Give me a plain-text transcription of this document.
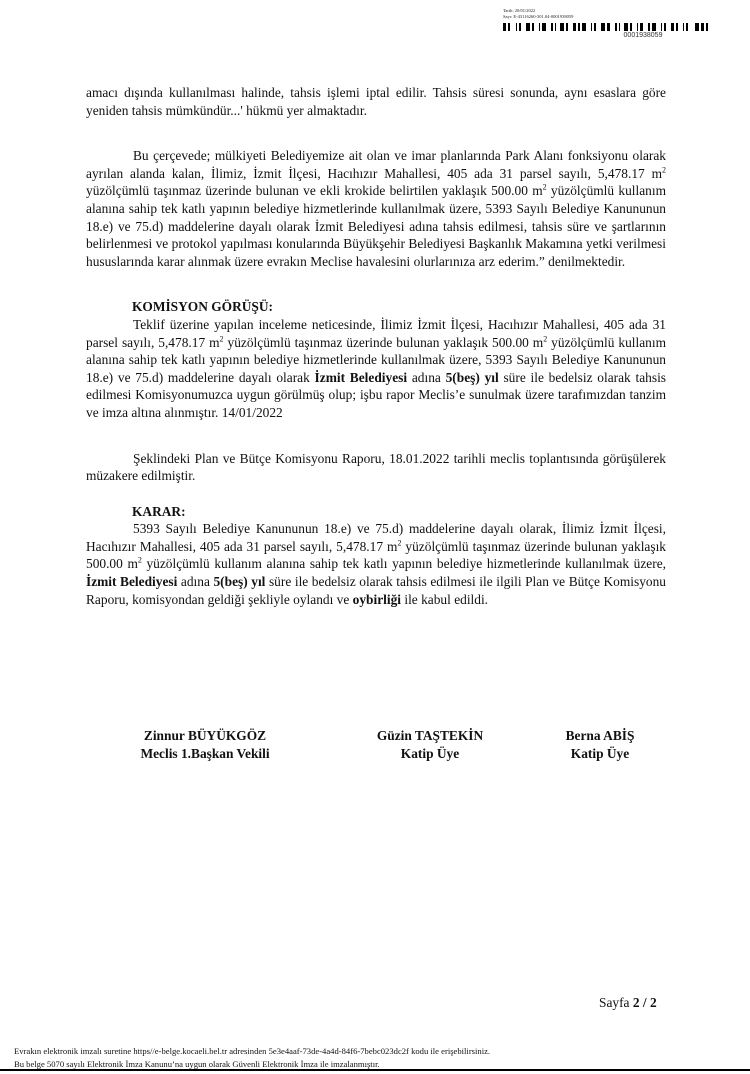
Tarih: 20/01/2022
Sayı: E-43116260-301.04-0001938059
0001938059

amacı dışında kullanılması halinde, tahsis işlemi iptal edilir. Tahsis süresi sonunda, aynı esaslara göre yeniden tahsis mümkündür...' hükmü yer almaktadır.

Bu çerçevede; mülkiyeti Belediyemize ait olan ve imar planlarında Park Alanı fonksiyonu olarak ayrılan alanda kalan, İlimiz, İzmit İlçesi, Hacıhızır Mahallesi, 405 ada 31 parsel sayılı, 5,478.17 $m^2$ yüzölçümlü taşınmaz üzerinde bulunan ve ekli krokide belirtilen yaklaşık 500.00 $m^2$ yüzölçümlü kullanım alanına sahip tek katlı yapının belediye hizmetlerinde kullanılmak üzere, 5393 Sayılı Belediye Kanununun 18.e) ve 75.d) maddelerine dayalı olarak İzmit Belediyesi adına tahsis edilmesi, tahsis süre ve şartlarının belirlenmesi ve protokol yapılması konularında Büyükşehir Belediyesi Başkanlık Makamına yetki verilmesi hususlarında karar alınmak üzere evrakın Meclise havalesini olurlarınıza arz ederim.” denilmektedir.

KOMİSYON GÖRÜŞÜ:

Teklif üzerine yapılan inceleme neticesinde, İlimiz İzmit İlçesi, Hacıhızır Mahallesi, 405 ada 31 parsel sayılı, 5,478.17 $m^2$ yüzölçümlü taşınmaz üzerinde bulunan yaklaşık 500.00 $m^2$ yüzölçümlü kullanım alanına sahip tek katlı yapının belediye hizmetlerinde kullanılmak üzere, 5393 Sayılı Belediye Kanununun 18.e) ve 75.d) maddelerine dayalı olarak İzmit Belediyesi adına 5(beş) yıl süre ile bedelsiz olarak tahsis edilmesi Komisyonumuzca uygun görülmüş olup; işbu rapor Meclis’e sunulmak üzere tarafımızdan tanzim ve imza altına alınmıştır. 14/01/2022

Şeklindeki Plan ve Bütçe Komisyonu Raporu, 18.01.2022 tarihli meclis toplantısında görüşülerek müzakere edilmiştir.

KARAR:

5393 Sayılı Belediye Kanununun 18.e) ve 75.d) maddelerine dayalı olarak, İlimiz İzmit İlçesi, Hacıhızır Mahallesi, 405 ada 31 parsel sayılı, 5,478.17 $m^2$ yüzölçümlü taşınmaz üzerinde bulunan yaklaşık 500.00 $m^2$ yüzölçümlü kullanım alanına sahip tek katlı yapının belediye hizmetlerinde kullanılmak üzere, İzmit Belediyesi adına 5(beş) yıl süre ile bedelsiz olarak tahsis edilmesi ile ilgili Plan ve Bütçe Komisyonu Raporu, komisyondan geldiği şekliyle oylandı ve oybirliği ile kabul edildi.

Zinnur BÜYÜKGÖZ
Meclis 1.Başkan Vekili
Güzin TAŞTEKİN
Katip Üye
Berna ABİŞ
Katip Üye
Sayfa 2 / 2
Evrakın elektronik imzalı suretine https//e-belge.kocaeli.bel.tr adresinden 5e3e4aaf-73de-4a4d-84f6-7bebc023dc2f kodu ile erişebilirsiniz.
Bu belge 5070 sayılı Elektronik İmza Kanunu’na uygun olarak Güvenli Elektronik İmza ile imzalanmıştır.
